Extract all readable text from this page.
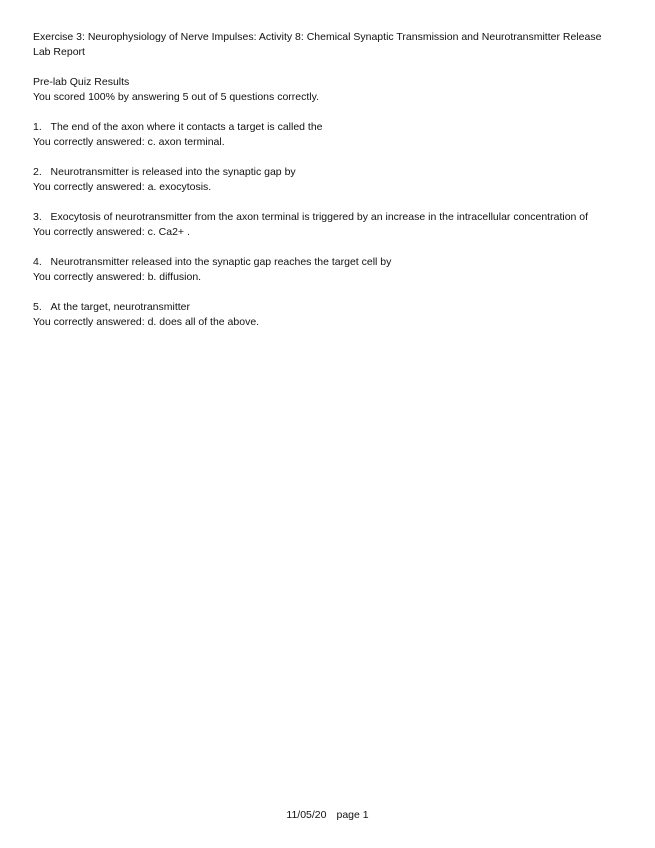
Exercise 3: Neurophysiology of Nerve Impulses: Activity 8: Chemical Synaptic Transmission and Neurotransmitter Release
Lab Report
Pre-lab Quiz Results
You scored 100% by answering 5 out of 5 questions correctly.
1. The end of the axon where it contacts a target is called the
You correctly answered: c. axon terminal.
2. Neurotransmitter is released into the synaptic gap by
You correctly answered: a. exocytosis.
3. Exocytosis of neurotransmitter from the axon terminal is triggered by an increase in the intracellular concentration of
You correctly answered: c. Ca2+ .
4. Neurotransmitter released into the synaptic gap reaches the target cell by
You correctly answered: b. diffusion.
5. At the target, neurotransmitter
You correctly answered: d. does all of the above.
11/05/20 page 1
